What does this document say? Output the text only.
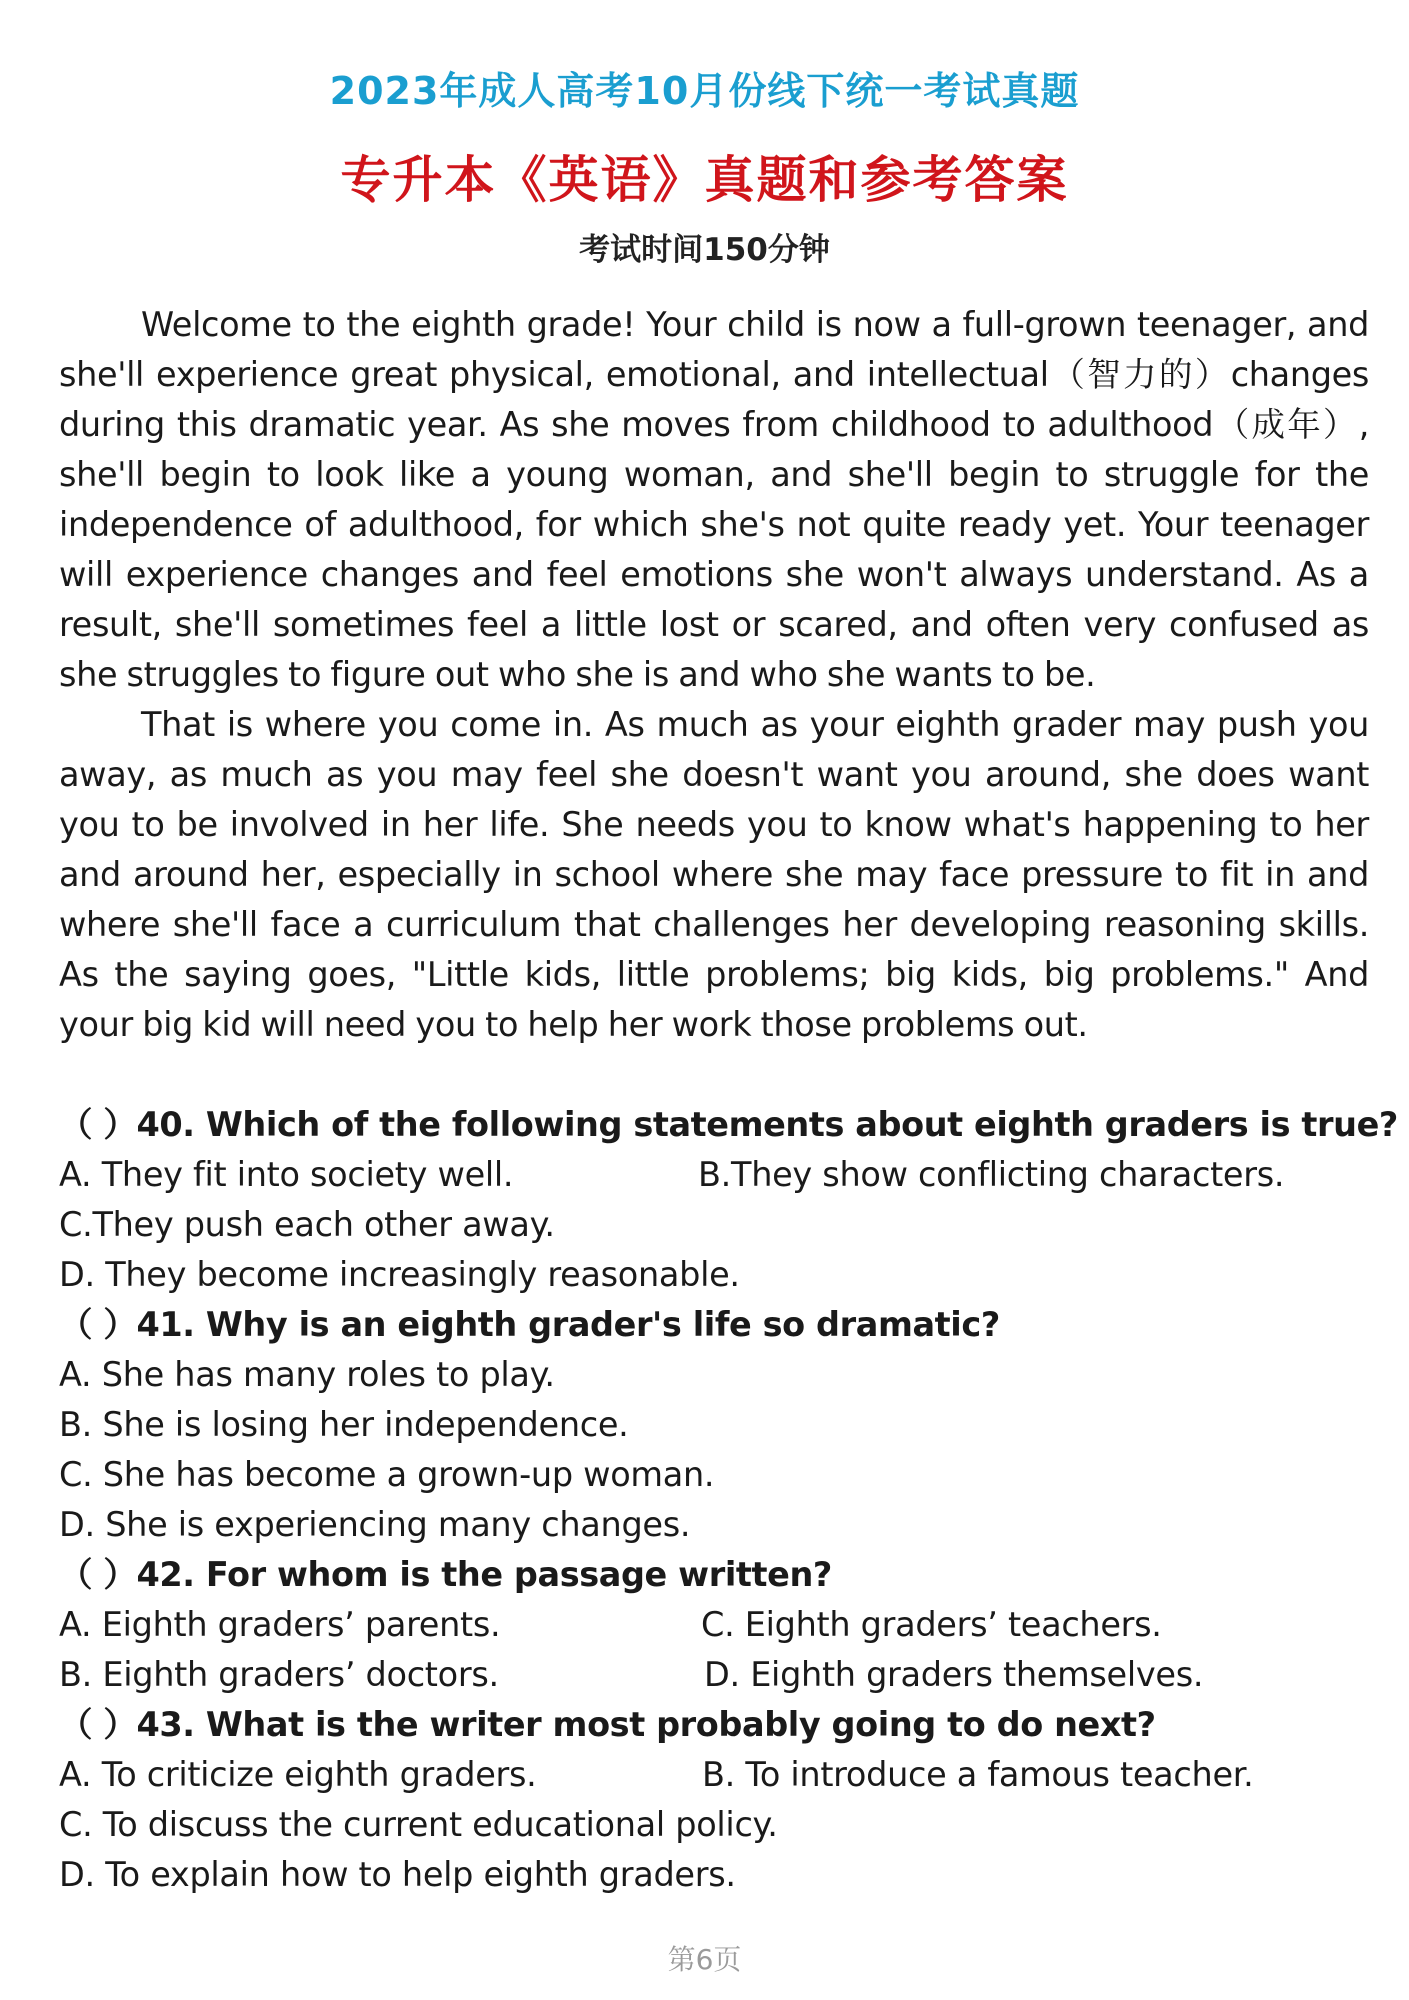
2023年成人高考10月份线下统一考试真题
专升本《英语》真题和参考答案
考试时间150分钟

Welcome to the eighth grade! Your child is now a full-grown teenager, and she'll experience great physical, emotional, and intellectual（智力的）changes during this dramatic year. As she moves from childhood to adulthood（成年）, she'll begin to look like a young woman, and she'll begin to struggle for the independence of adulthood, for which she's not quite ready yet. Your teenager will experience changes and feel emotions she won't always understand. As a result, she'll sometimes feel a little lost or scared, and often very confused as she struggles to figure out who she is and who she wants to be.

That is where you come in. As much as your eighth grader may push you away, as much as you may feel she doesn't want you around, she does want you to be involved in her life. She needs you to know what's happening to her and around her, especially in school where she may face pressure to fit in and where she'll face a curriculum that challenges her developing reasoning skills. As the saying goes, "Little kids, little problems; big kids, big problems." And your big kid will need you to help her work those problems out.

（ ）40. Which of the following statements about eighth graders is true?
A. They fit into society well.	B.They show conflicting characters.
C.They push each other away.
D. They become increasingly reasonable.
（ ）41. Why is an eighth grader's life so dramatic?
A. She has many roles to play.
B. She is losing her independence.
C. She has become a grown-up woman.
D. She is experiencing many changes.
（ ）42. For whom is the passage written?
A. Eighth graders’ parents.	C. Eighth graders’ teachers.
B. Eighth graders’ doctors.	D. Eighth graders themselves.
（ ）43. What is the writer most probably going to do next?
A. To criticize eighth graders.	B. To introduce a famous teacher.
C. To discuss the current educational policy.
D. To explain how to help eighth graders.
第6页
